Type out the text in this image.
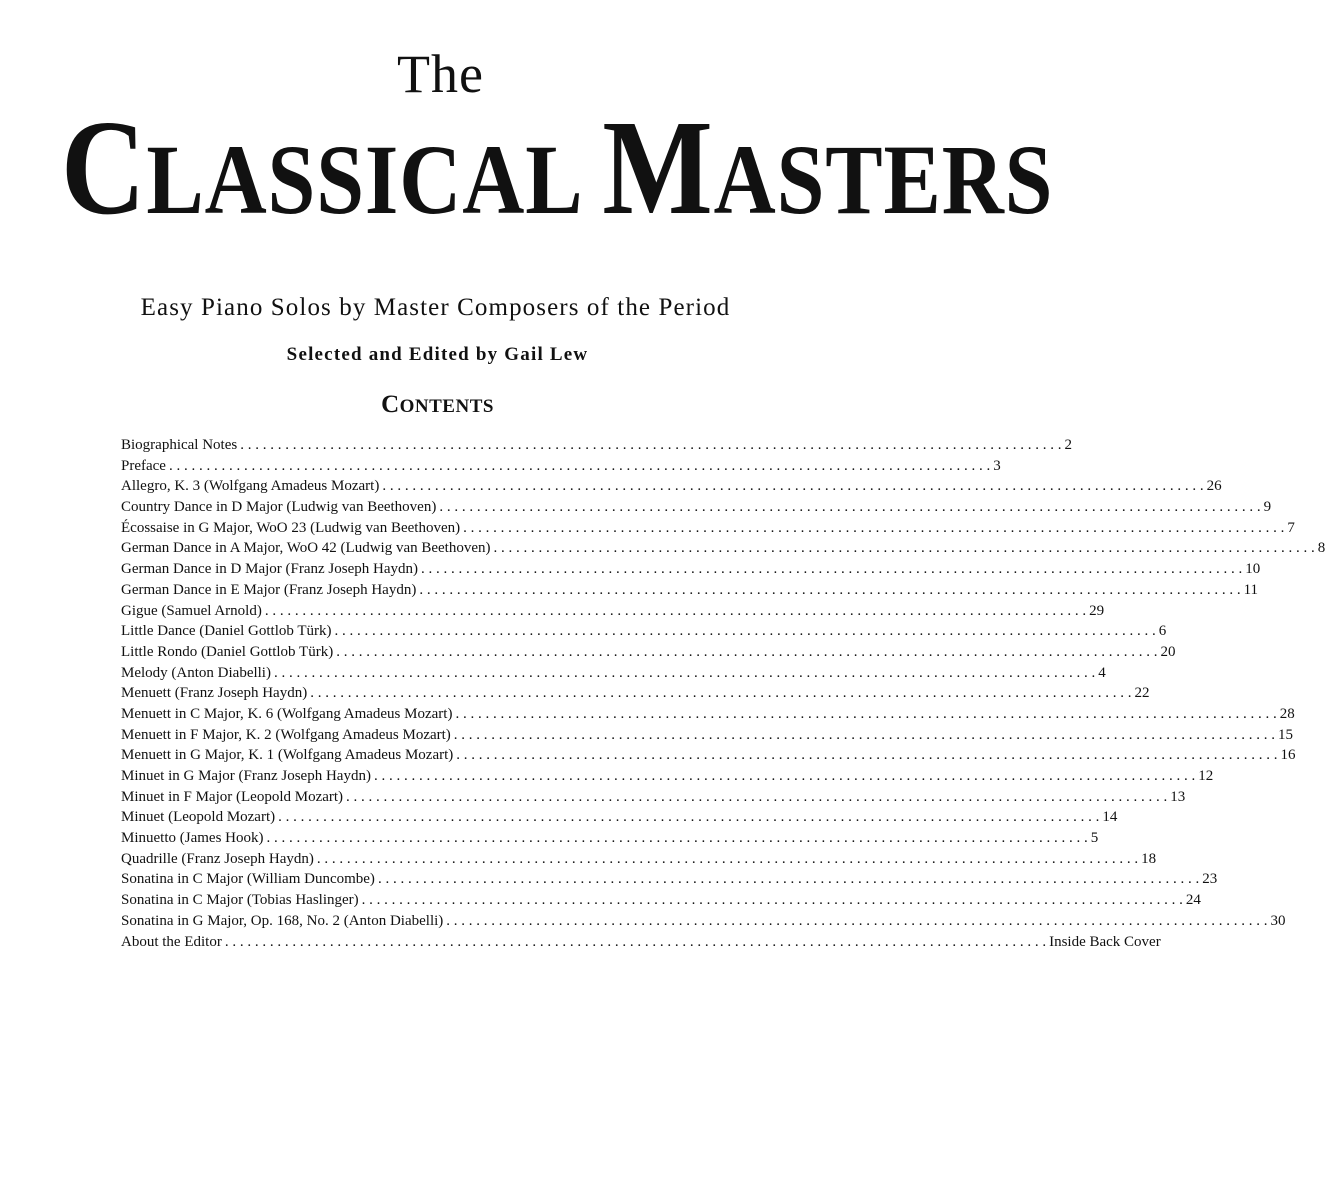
The
CLASSICAL MASTERS
Easy Piano Solos by Master Composers of the Period
Selected and Edited by Gail Lew
CONTENTS
Biographical Notes . . .	2
Preface . . .	3
Allegro, K. 3 (Wolfgang Amadeus Mozart) . . .	26
Country Dance in D Major (Ludwig van Beethoven) . . .	9
Écossaise in G Major, WoO 23 (Ludwig van Beethoven) . . .	7
German Dance in A Major, WoO 42 (Ludwig van Beethoven) . . .	8
German Dance in D Major (Franz Joseph Haydn) . . .	10
German Dance in E Major (Franz Joseph Haydn) . . .	11
Gigue (Samuel Arnold) . . .	29
Little Dance (Daniel Gottlob Türk) . . .	6
Little Rondo (Daniel Gottlob Türk) . . .	20
Melody (Anton Diabelli) . . .	4
Menuett (Franz Joseph Haydn) . . .	22
Menuett in C Major, K. 6 (Wolfgang Amadeus Mozart) . . .	28
Menuett in F Major, K. 2 (Wolfgang Amadeus Mozart) . . .	15
Menuett in G Major, K. 1 (Wolfgang Amadeus Mozart) . . .	16
Minuet in G Major (Franz Joseph Haydn) . . .	12
Minuet in F Major (Leopold Mozart) . . .	13
Minuet (Leopold Mozart) . . .	14
Minuetto (James Hook) . . .	5
Quadrille (Franz Joseph Haydn) . . .	18
Sonatina in C Major (William Duncombe) . . .	23
Sonatina in C Major (Tobias Haslinger) . . .	24
Sonatina in G Major, Op. 168, No. 2 (Anton Diabelli) . . .	30
About the Editor . . .	Inside Back Cover
